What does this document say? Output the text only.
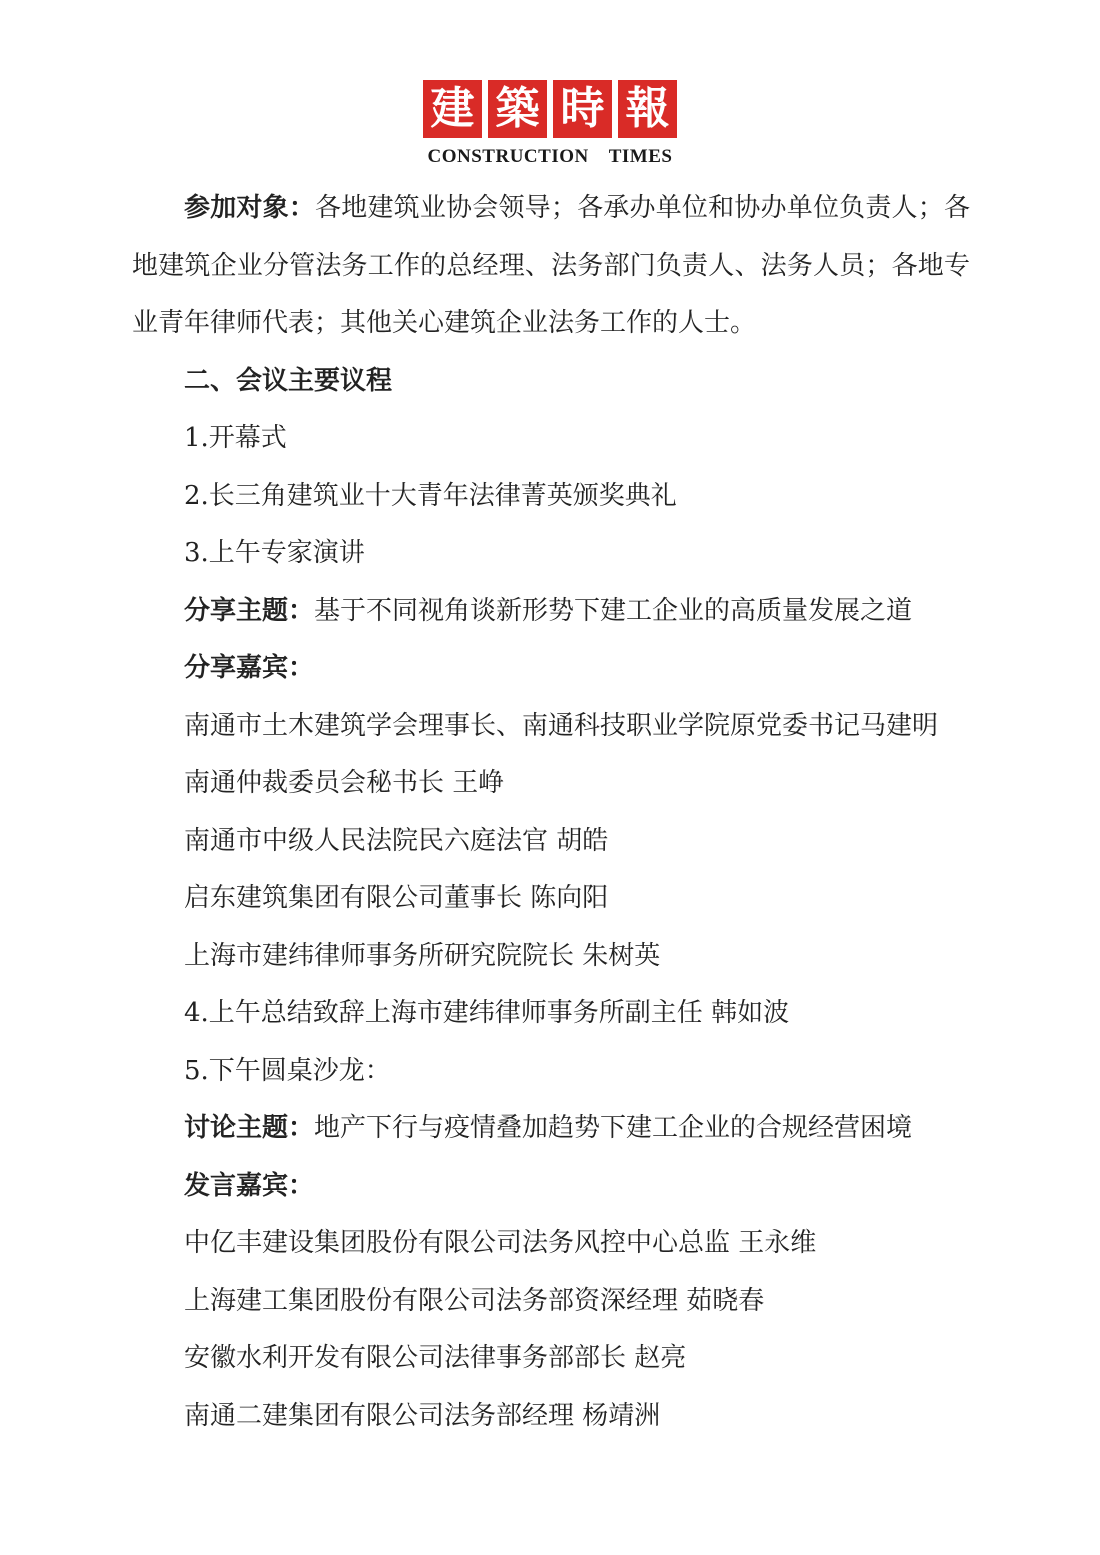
建 築 時 報
CONSTRUCTION TIMES

参加对象：各地建筑业协会领导；各承办单位和协办单位负责人；各地建筑企业分管法务工作的总经理、法务部门负责人、法务人员；各地专业青年律师代表；其他关心建筑企业法务工作的人士。

二、会议主要议程

1.开幕式

2.长三角建筑业十大青年法律菁英颁奖典礼

3.上午专家演讲

分享主题：基于不同视角谈新形势下建工企业的高质量发展之道

分享嘉宾：

南通市土木建筑学会理事长、南通科技职业学院原党委书记马建明

南通仲裁委员会秘书长 王峥

南通市中级人民法院民六庭法官 胡皓

启东建筑集团有限公司董事长 陈向阳

上海市建纬律师事务所研究院院长 朱树英

4.上午总结致辞上海市建纬律师事务所副主任 韩如波

5.下午圆桌沙龙：

讨论主题：地产下行与疫情叠加趋势下建工企业的合规经营困境

发言嘉宾：

中亿丰建设集团股份有限公司法务风控中心总监 王永维

上海建工集团股份有限公司法务部资深经理 茹晓春

安徽水利开发有限公司法律事务部部长 赵亮

南通二建集团有限公司法务部经理 杨靖洲
